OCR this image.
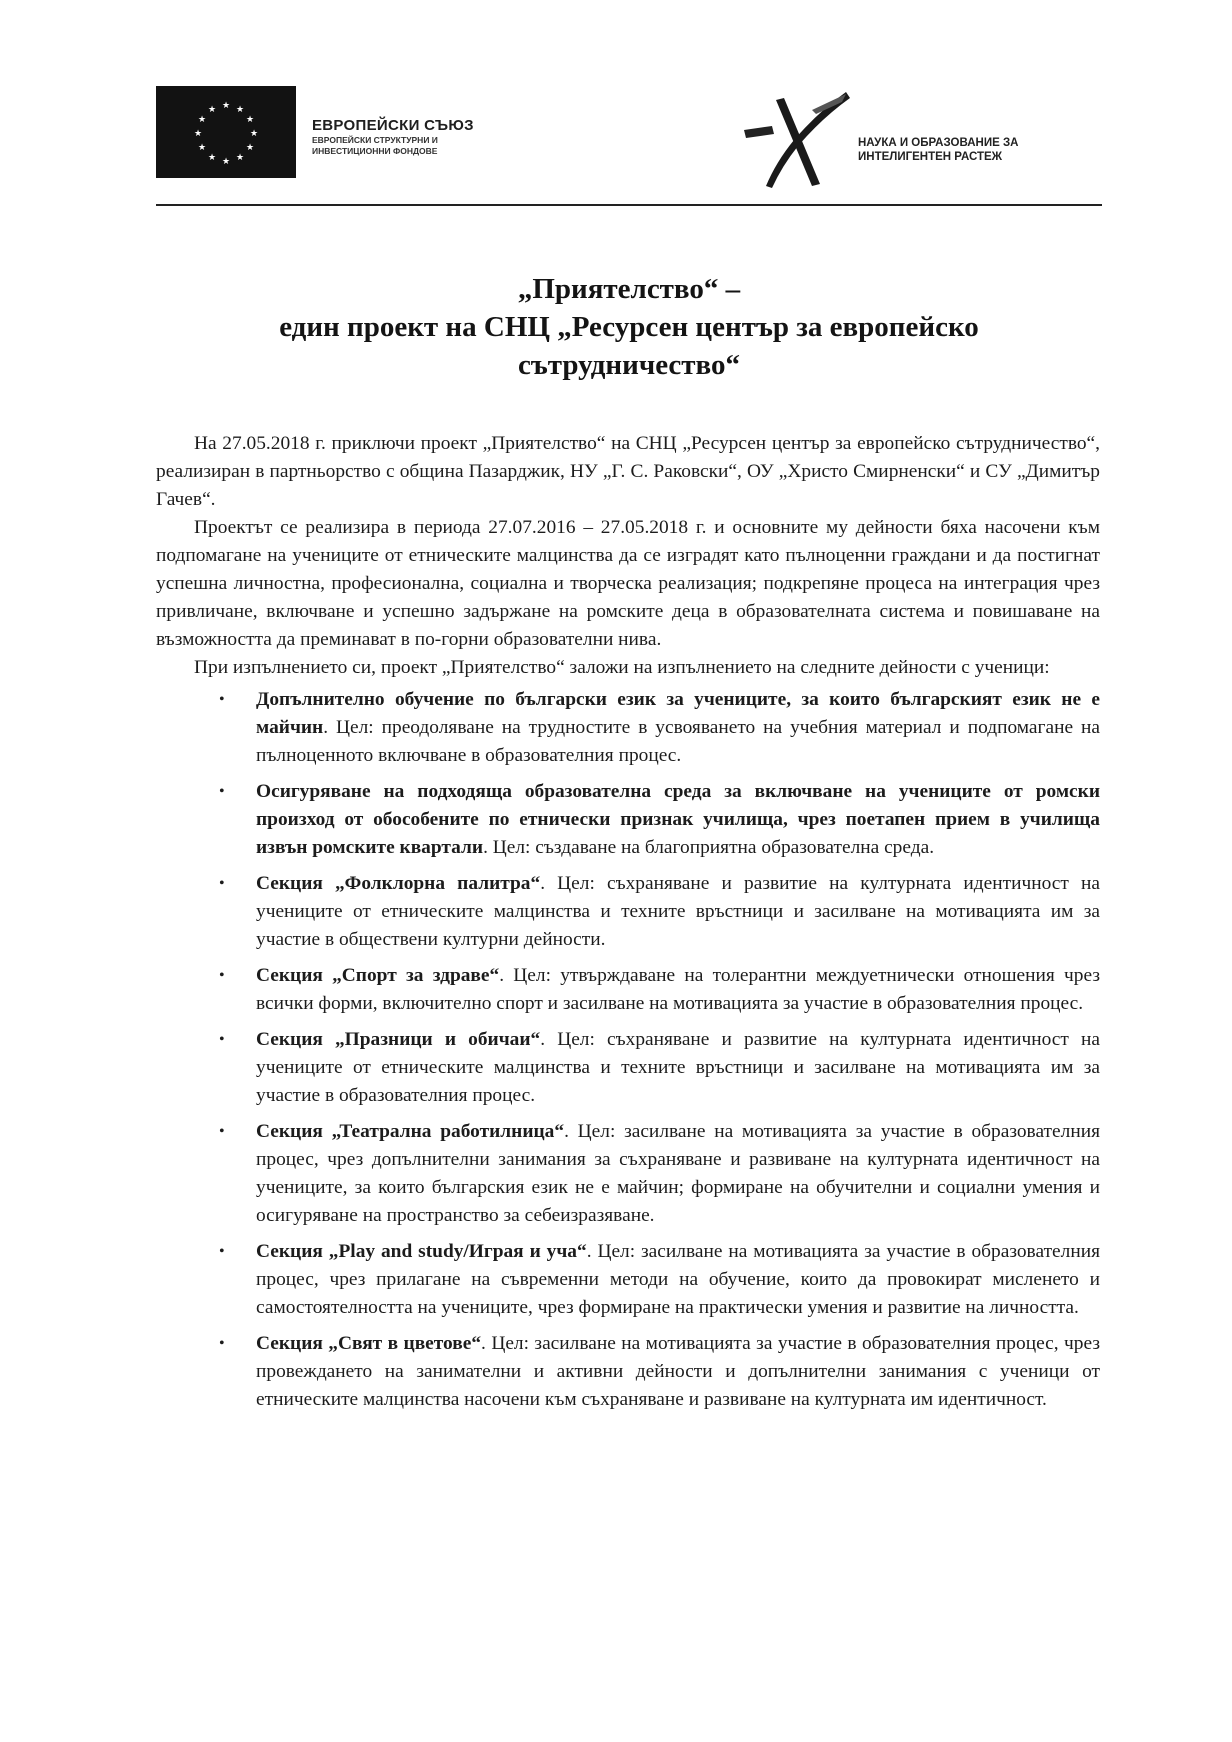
★ ★
★
★
★
★
★
★
★
★
★
★
ЕВРОПЕЙСКИ СЪЮЗ
ЕВРОПЕЙСКИ СТРУКТУРНИ И
ИНВЕСТИЦИОННИ ФОНДОВЕ
НАУКА И ОБРАЗОВАНИЕ ЗА
ИНТЕЛИГЕНТЕН РАСТЕЖ
„Приятелство“ –
един проект на СНЦ „Ресурсен център за европейско
сътрудничество“

На 27.05.2018 г. приключи проект „Приятелство“ на СНЦ „Ресурсен център за европейско сътрудничество“, реализиран в партньорство с община Пазарджик, НУ „Г. С. Раковски“, ОУ „Христо Смирненски“ и СУ „Димитър Гачев“.

Проектът се реализира в периода 27.07.2016 – 27.05.2018 г. и основните му дейности бяха насочени към подпомагане на учениците от етническите малцинства да се изградят като пълноценни граждани и да постигнат успешна личностна, професионална, социална и творческа реализация; подкрепяне процеса на интеграция чрез привличане, включване и успешно задържане на ромските деца в образователната система и повишаване на възможността да преминават в по-горни образователни нива.

При изпълнението си, проект „Приятелство“ заложи на изпълнението на следните дейности с ученици:

• Допълнително обучение по български език за учениците, за които българският език не е майчин. Цел: преодоляване на трудностите в усвояването на учебния материал и подпомагане на пълноценното включване в образователния процес.
• Осигуряване на подходяща образователна среда за включване на учениците от ромски произход от обособените по етнически признак училища, чрез поетапен прием в училища извън ромските квартали. Цел: създаване на благоприятна образователна среда.
• Секция „Фолклорна палитра“. Цел: съхраняване и развитие на културната идентичност на учениците от етническите малцинства и техните връстници и засилване на мотивацията им за участие в обществени културни дейности.
• Секция „Спорт за здраве“. Цел: утвърждаване на толерантни междуетнически отношения чрез всички форми, включително спорт и засилване на мотивацията за участие в образователния процес.
• Секция „Празници и обичаи“. Цел: съхраняване и развитие на културната идентичност на учениците от етническите малцинства и техните връстници и засилване на мотивацията им за участие в образователния процес.
• Секция „Театрална работилница“. Цел: засилване на мотивацията за участие в образователния процес, чрез допълнителни занимания за съхраняване и развиване на културната идентичност на учениците, за които българския език не е майчин; формиране на обучителни и социални умения и осигуряване на пространство за себеизразяване.
• Секция „Play and study/Играя и уча“. Цел: засилване на мотивацията за участие в образователния процес, чрез прилагане на съвременни методи на обучение, които да провокират мисленето и самостоятелността на учениците, чрез формиране на практически умения и развитие на личността.
• Секция „Свят в цветове“. Цел: засилване на мотивацията за участие в образователния процес, чрез провеждането на занимателни и активни дейности и допълнителни занимания с ученици от етническите малцинства насочени към съхраняване и развиване на културната им идентичност.
